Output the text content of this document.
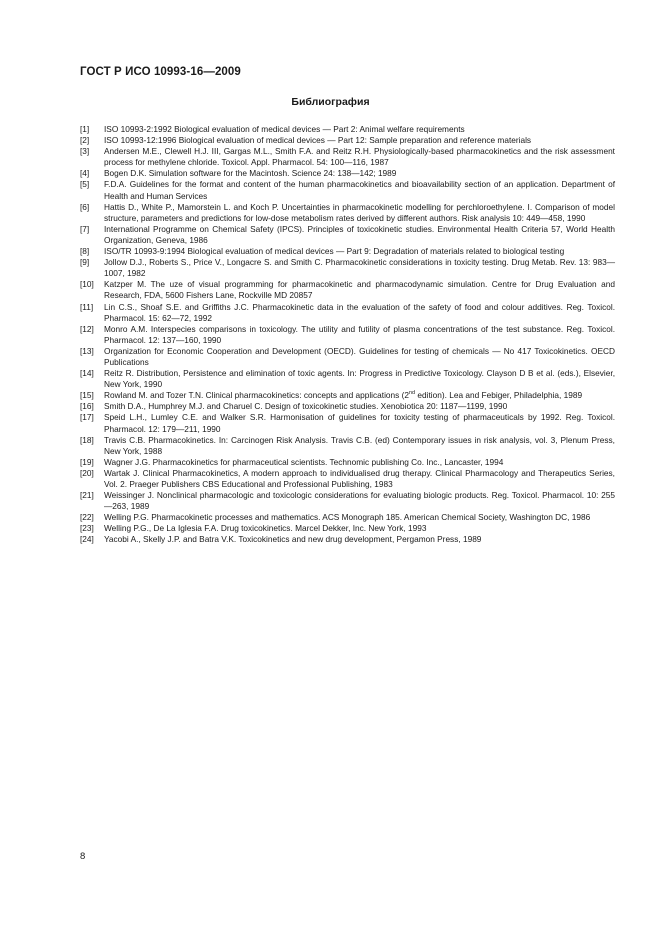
ГОСТ Р ИСО 10993-16—2009
Библиография
[1]	ISO 10993-2:1992 Biological evaluation of medical devices — Part 2: Animal welfare requirements
[2]	ISO 10993-12:1996 Biological evaluation of medical devices — Part 12: Sample preparation and reference materials
[3]	Andersen M.E., Clewell H.J. III, Gargas M.L., Smith F.A. and Reitz R.H. Physiologically-based pharmacokinetics and the risk assessment process for methylene chloride. Toxicol. Appl. Pharmacol. 54: 100—116, 1987
[4]	Bogen D.K. Simulation software for the Macintosh. Science 24: 138—142; 1989
[5]	F.D.A. Guidelines for the format and content of the human pharmacokinetics and bioavailability section of an application. Department of Health and Human Services
[6]	Hattis D., White P., Mamorstein L. and Koch P. Uncertainties in pharmacokinetic modelling for perchloroethylene. I. Comparison of model structure, parameters and predictions for low-dose metabolism rates derived by different authors. Risk analysis 10: 449—458, 1990
[7]	International Programme on Chemical Safety (IPCS). Principles of toxicokinetic studies. Environmental Health Criteria 57, World Health Organization, Geneva, 1986
[8]	ISO/TR 10993-9:1994 Biological evaluation of medical devices — Part 9: Degradation of materials related to biological testing
[9]	Jollow D.J., Roberts S., Price V., Longacre S. and Smith C. Pharmacokinetic considerations in toxicity testing. Drug Metab. Rev. 13: 983—1007, 1982
[10]	Katzper M. The uze of visual programming for pharmacokinetic and pharmacodynamic simulation. Centre for Drug Evaluation and Research, FDA, 5600 Fishers Lane, Rockville MD 20857
[11]	Lin C.S., Shoaf S.E. and Griffiths J.C. Pharmacokinetic data in the evaluation of the safety of food and colour additives. Reg. Toxicol. Pharmacol. 15: 62—72, 1992
[12]	Monro A.M. Interspecies comparisons in toxicology. The utility and futility of plasma concentrations of the test substance. Reg. Toxicol. Pharmacol. 12: 137—160, 1990
[13]	Organization for Economic Cooperation and Development (OECD). Guidelines for testing of chemicals — No 417 Toxicokinetics. OECD Publications
[14]	Reitz R. Distribution, Persistence and elimination of toxic agents. In: Progress in Predictive Toxicology. Clayson D B et al. (eds.), Elsevier, New York, 1990
[15]	Rowland M. and Tozer T.N. Clinical pharmacokinetics: concepts and applications (2nd edition). Lea and Febiger, Philadelphia, 1989
[16]	Smith D.A., Humphrey M.J. and Charuel C. Design of toxicokinetic studies. Xenobiotica 20: 1187—1199, 1990
[17]	Speid L.H., Lumley C.E. and Walker S.R. Harmonisation of guidelines for toxicity testing of pharmaceuticals by 1992. Reg. Toxicol. Pharmacol. 12: 179—211, 1990
[18]	Travis C.B. Pharmacokinetics. In: Carcinogen Risk Analysis. Travis C.B. (ed) Contemporary issues in risk analysis, vol. 3, Plenum Press, New York, 1988
[19]	Wagner J.G. Pharmacokinetics for pharmaceutical scientists. Technomic publishing Co. Inc., Lancaster, 1994
[20]	Wartak J. Clinical Pharmacokinetics, A modern approach to individualised drug therapy. Clinical Pharmacology and Therapeutics Series, Vol. 2. Praeger Publishers CBS Educational and Professional Publishing, 1983
[21]	Weissinger J. Nonclinical pharmacologic and toxicologic considerations for evaluating biologic products. Reg. Toxicol. Pharmacol. 10: 255—263, 1989
[22]	Welling P.G. Pharmacokinetic processes and mathematics. ACS Monograph 185. American Chemical Society, Washington DC, 1986
[23]	Welling P.G., De La Iglesia F.A. Drug toxicokinetics. Marcel Dekker, Inc. New York, 1993
[24]	Yacobi A., Skelly J.P. and Batra V.K. Toxicokinetics and new drug development, Pergamon Press, 1989
8
